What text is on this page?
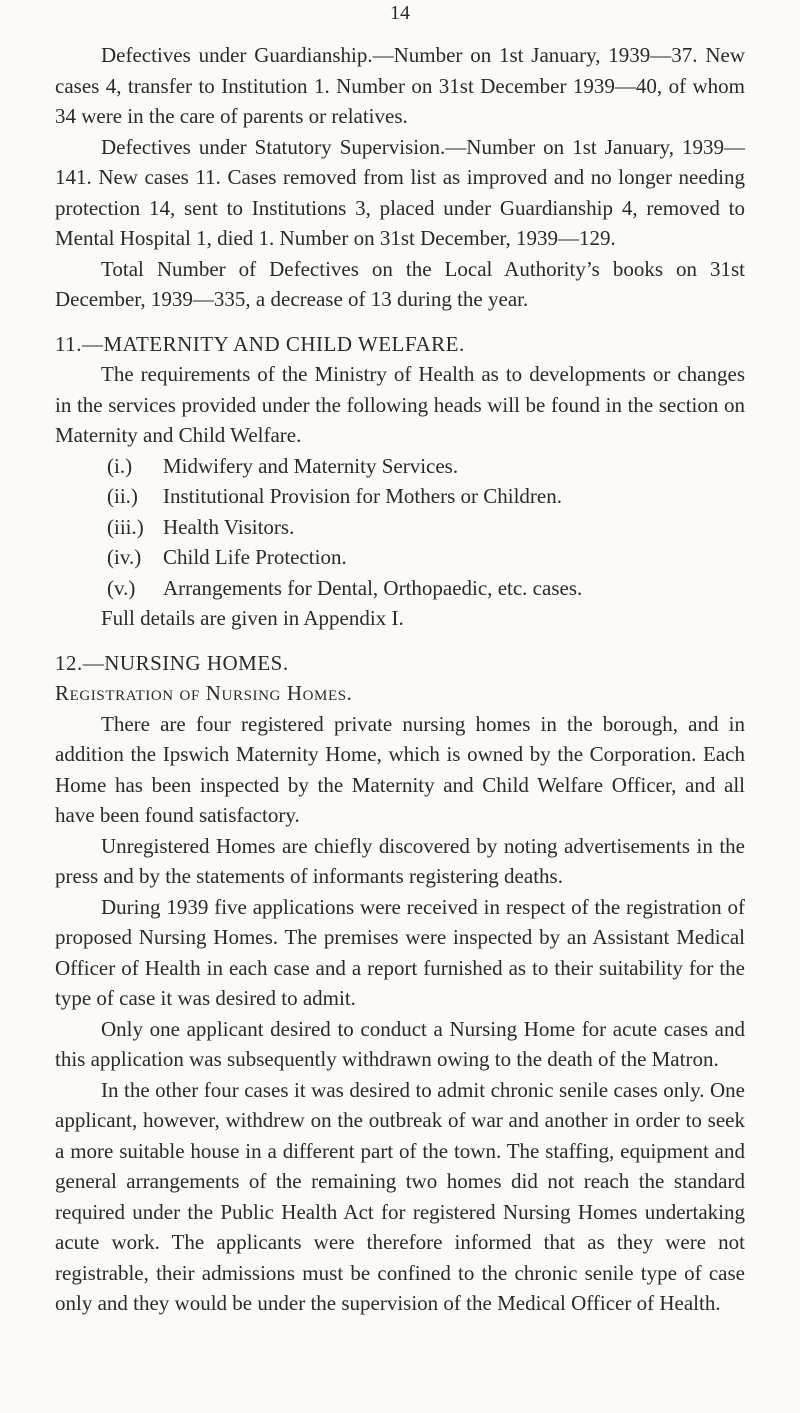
14

Defectives under Guardianship.—Number on 1st January, 1939—37. New cases 4, transfer to Institution 1. Number on 31st December 1939—40, of whom 34 were in the care of parents or relatives.

Defectives under Statutory Supervision.—Number on 1st January, 1939—141. New cases 11. Cases removed from list as improved and no longer needing protection 14, sent to Institutions 3, placed under Guardianship 4, removed to Mental Hospital 1, died 1. Number on 31st December, 1939—129.

Total Number of Defectives on the Local Authority’s books on 31st December, 1939—335, a decrease of 13 during the year.

11.—MATERNITY AND CHILD WELFARE.

The requirements of the Ministry of Health as to developments or changes in the services provided under the following heads will be found in the section on Maternity and Child Welfare.

(i.)	Midwifery and Maternity Services.
(ii.)	Institutional Provision for Mothers or Children.
(iii.) Health Visitors.
(iv.)	Child Life Protection.
(v.)	Arrangements for Dental, Orthopaedic, etc. cases.

Full details are given in Appendix I.

12.—NURSING HOMES.

Registration of Nursing Homes.

There are four registered private nursing homes in the borough, and in addition the Ipswich Maternity Home, which is owned by the Corporation. Each Home has been inspected by the Maternity and Child Welfare Officer, and all have been found satisfactory.

Unregistered Homes are chiefly discovered by noting advertisements in the press and by the statements of informants registering deaths.

During 1939 five applications were received in respect of the registration of proposed Nursing Homes. The premises were inspected by an Assistant Medical Officer of Health in each case and a report furnished as to their suitability for the type of case it was desired to admit.

Only one applicant desired to conduct a Nursing Home for acute cases and this application was subsequently withdrawn owing to the death of the Matron.

In the other four cases it was desired to admit chronic senile cases only. One applicant, however, withdrew on the outbreak of war and another in order to seek a more suitable house in a different part of the town. The staffing, equipment and general arrangements of the remaining two homes did not reach the standard required under the Public Health Act for registered Nursing Homes undertaking acute work. The applicants were therefore informed that as they were not registrable, their admissions must be confined to the chronic senile type of case only and they would be under the supervision of the Medical Officer of Health.
